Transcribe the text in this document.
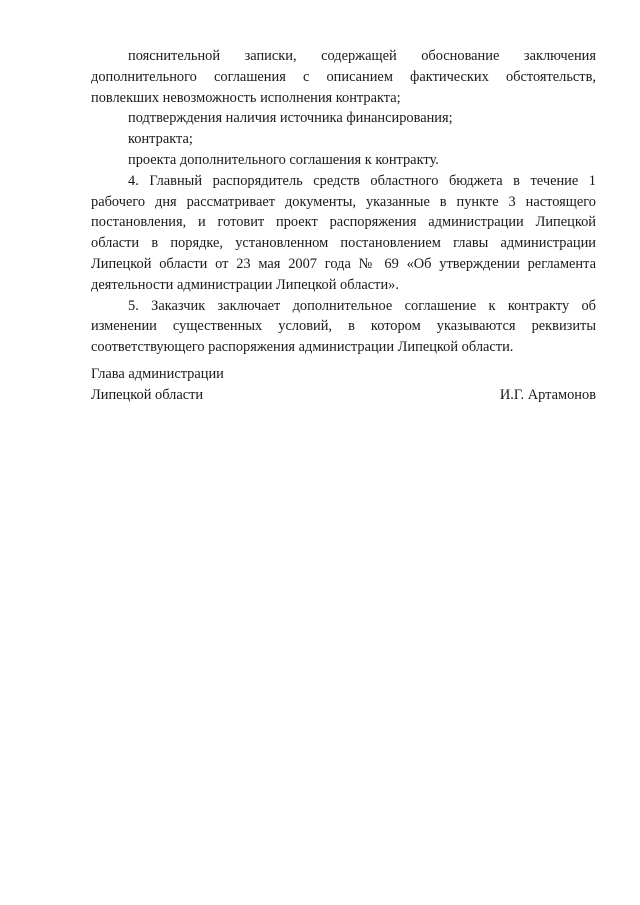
пояснительной записки, содержащей обоснование заключения дополнительного соглашения с описанием фактических обстоятельств, повлекших невозможность исполнения контракта;

подтверждения наличия источника финансирования;

контракта;

проекта дополнительного соглашения к контракту.

4. Главный распорядитель средств областного бюджета в течение 1 рабочего дня рассматривает документы, указанные в пункте 3 настоящего постановления, и готовит проект распоряжения администрации Липецкой области в порядке, установленном постановлением главы администрации Липецкой области от 23 мая 2007 года № 69 «Об утверждении регламента деятельности администрации Липецкой области».

5. Заказчик заключает дополнительное соглашение к контракту об изменении существенных условий, в котором указываются реквизиты соответствующего распоряжения администрации Липецкой области.

Глава администрации
Липецкой области	И.Г. Артамонов
